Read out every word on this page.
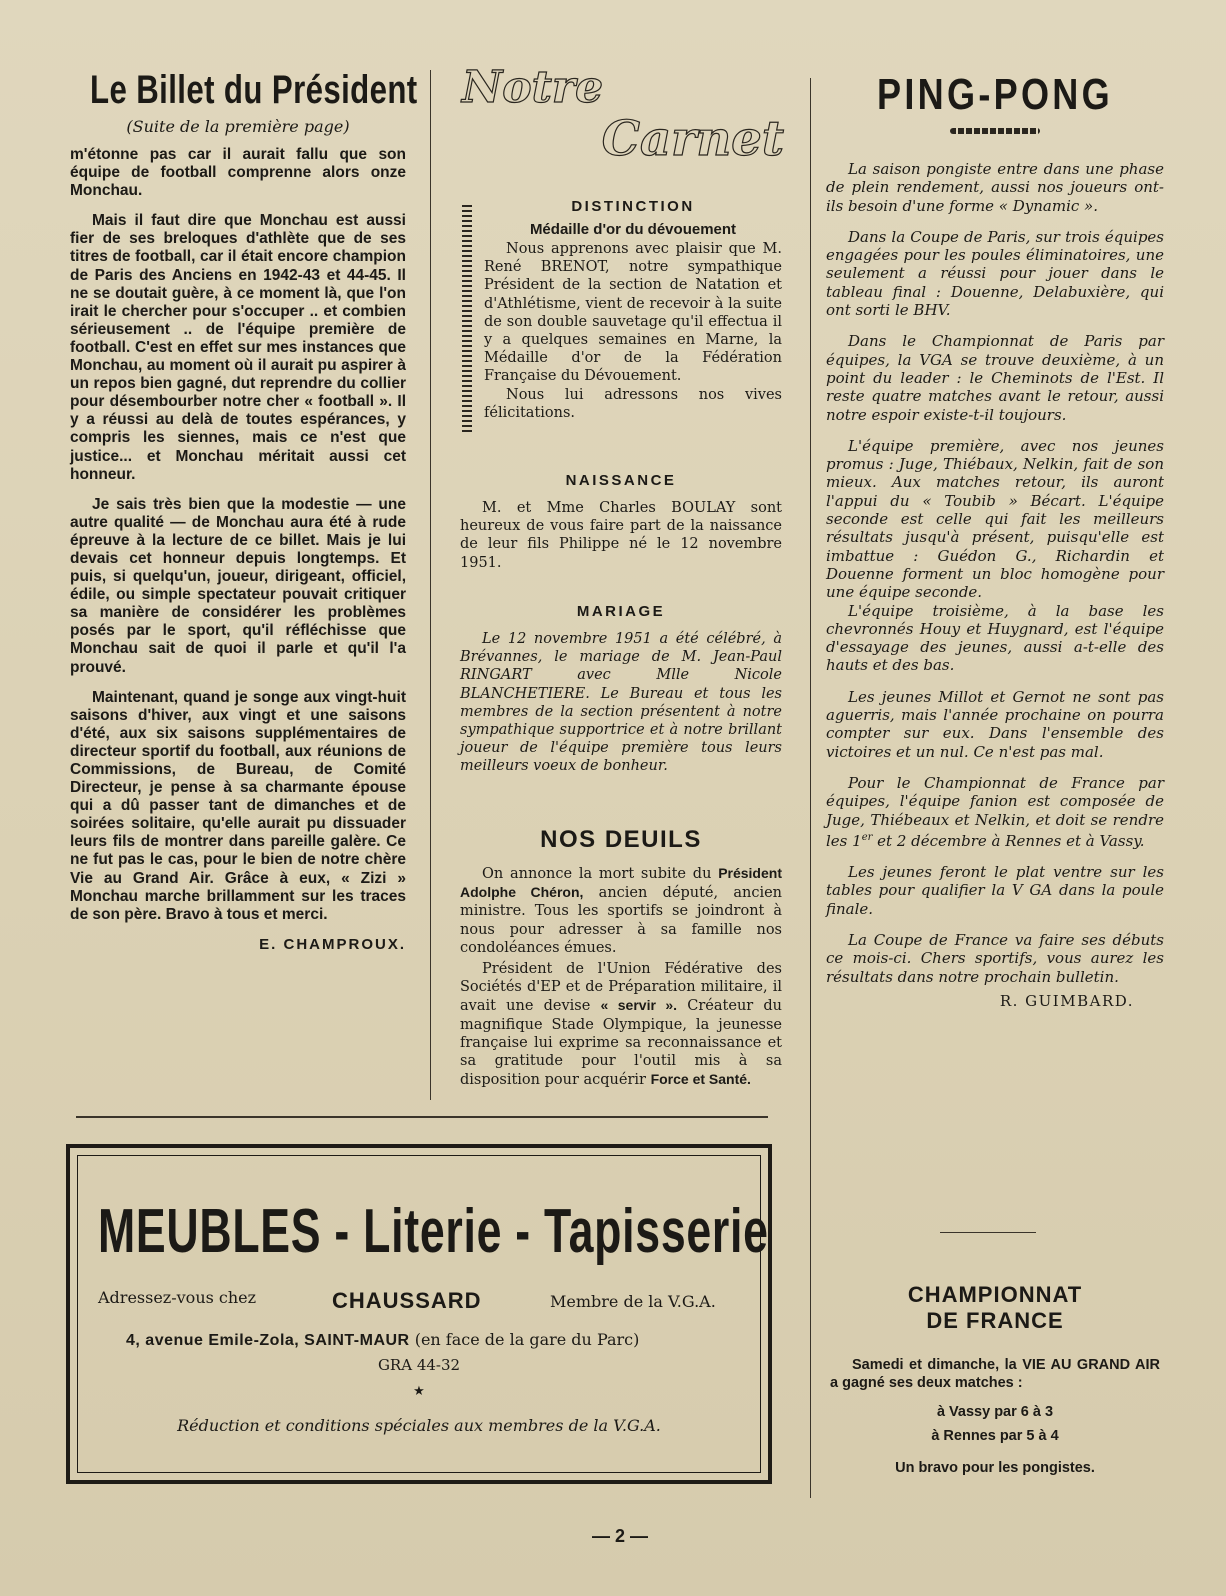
Le Billet du Président
(Suite de la première page)

m'étonne pas car il aurait fallu que son équipe de football comprenne alors onze Monchau.

Mais il faut dire que Monchau est aussi fier de ses breloques d'athlète que de ses titres de football, car il était encore champion de Paris des Anciens en 1942-43 et 44-45. Il ne se doutait guère, à ce moment là, que l'on irait le chercher pour s'occuper .. et combien sérieusement .. de l'équipe première de football. C'est en effet sur mes instances que Monchau, au moment où il aurait pu aspirer à un repos bien gagné, dut reprendre du collier pour désembourber notre cher « football ». Il y a réussi au delà de toutes espérances, y compris les siennes, mais ce n'est que justice... et Monchau méritait aussi cet honneur.

Je sais très bien que la modestie — une autre qualité — de Monchau aura été à rude épreuve à la lecture de ce billet. Mais je lui devais cet honneur depuis longtemps. Et puis, si quelqu'un, joueur, dirigeant, officiel, édile, ou simple spectateur pouvait critiquer sa manière de considérer les problèmes posés par le sport, qu'il réfléchisse que Monchau sait de quoi il parle et qu'il l'a prouvé.

Maintenant, quand je songe aux vingt-huit saisons d'hiver, aux vingt et une saisons d'été, aux six saisons supplémentaires de directeur sportif du football, aux réunions de Commissions, de Bureau, de Comité Directeur, je pense à sa charmante épouse qui a dû passer tant de dimanches et de soirées solitaire, qu'elle aurait pu dissuader leurs fils de montrer dans pareille galère. Ce ne fut pas le cas, pour le bien de notre chère Vie au Grand Air. Grâce à eux, « Zizi » Monchau marche brillamment sur les traces de son père. Bravo à tous et merci.

E. CHAMPROUX.
Notre
Carnet
DISTINCTION
Médaille d'or du dévouement

Nous apprenons avec plaisir que M. René BRENOT, notre sympathique Président de la section de Natation et d'Athlétisme, vient de recevoir à la suite de son double sauvetage qu'il effectua il y a quelques semaines en Marne, la Médaille d'or de la Fédération Française du Dévouement.

Nous lui adressons nos vives félicitations.

NAISSANCE

M. et Mme Charles BOULAY sont heureux de vous faire part de la naissance de leur fils Philippe né le 12 novembre 1951.

MARIAGE

Le 12 novembre 1951 a été célébré, à Brévannes, le mariage de M. Jean-Paul RINGART avec Mlle Nicole BLANCHETIERE. Le Bureau et tous les membres de la section présentent à notre sympathique supportrice et à notre brillant joueur de l'équipe première tous leurs meilleurs voeux de bonheur.

NOS DEUILS

On annonce la mort subite du Président Adolphe Chéron, ancien député, ancien ministre. Tous les sportifs se joindront à nous pour adresser à sa famille nos condoléances émues.

Président de l'Union Fédérative des Sociétés d'EP et de Préparation militaire, il avait une devise « servir ». Créateur du magnifique Stade Olympique, la jeunesse française lui exprime sa reconnaissance et sa gratitude pour l'outil mis à sa disposition pour acquérir Force et Santé.

PING-PONG

La saison pongiste entre dans une phase de plein rendement, aussi nos joueurs ont-ils besoin d'une forme « Dynamic ».

Dans la Coupe de Paris, sur trois équipes engagées pour les poules éliminatoires, une seulement a réussi pour jouer dans le tableau final : Douenne, Delabuxière, qui ont sorti le BHV.

Dans le Championnat de Paris par équipes, la VGA se trouve deuxième, à un point du leader : le Cheminots de l'Est. Il reste quatre matches avant le retour, aussi notre espoir existe-t-il toujours.

L'équipe première, avec nos jeunes promus : Juge, Thiébaux, Nelkin, fait de son mieux. Aux matches retour, ils auront l'appui du « Toubib » Bécart. L'équipe seconde est celle qui fait les meilleurs résultats jusqu'à présent, puisqu'elle est imbattue : Guédon G., Richardin et Douenne forment un bloc homogène pour une équipe seconde.

L'équipe troisième, à la base les chevronnés Houy et Huygnard, est l'équipe d'essayage des jeunes, aussi a-t-elle des hauts et des bas.

Les jeunes Millot et Gernot ne sont pas aguerris, mais l'année prochaine on pourra compter sur eux. Dans l'ensemble des victoires et un nul. Ce n'est pas mal.

Pour le Championnat de France par équipes, l'équipe fanion est composée de Juge, Thiébeaux et Nelkin, et doit se rendre les 1er et 2 décembre à Rennes et à Vassy.

Les jeunes feront le plat ventre sur les tables pour qualifier la V GA dans la poule finale.

La Coupe de France va faire ses débuts ce mois-ci. Chers sportifs, vous aurez les résultats dans notre prochain bulletin.

R. GUIMBARD.
CHAMPIONNAT
DE FRANCE

Samedi et dimanche, la VIE AU GRAND AIR a gagné ses deux matches :

à Vassy par 6 à 3
à Rennes par 5 à 4
Un bravo pour les pongistes.
MEUBLES - Literie - Tapisserie
Adressez-vous chez	CHAUSSARD	Membre de la V.G.A.
4, avenue Emile-Zola, SAINT-MAUR (en face de la gare du Parc)
GRA 44-32
★
Réduction et conditions spéciales aux membres de la V.G.A.
— 2 —
